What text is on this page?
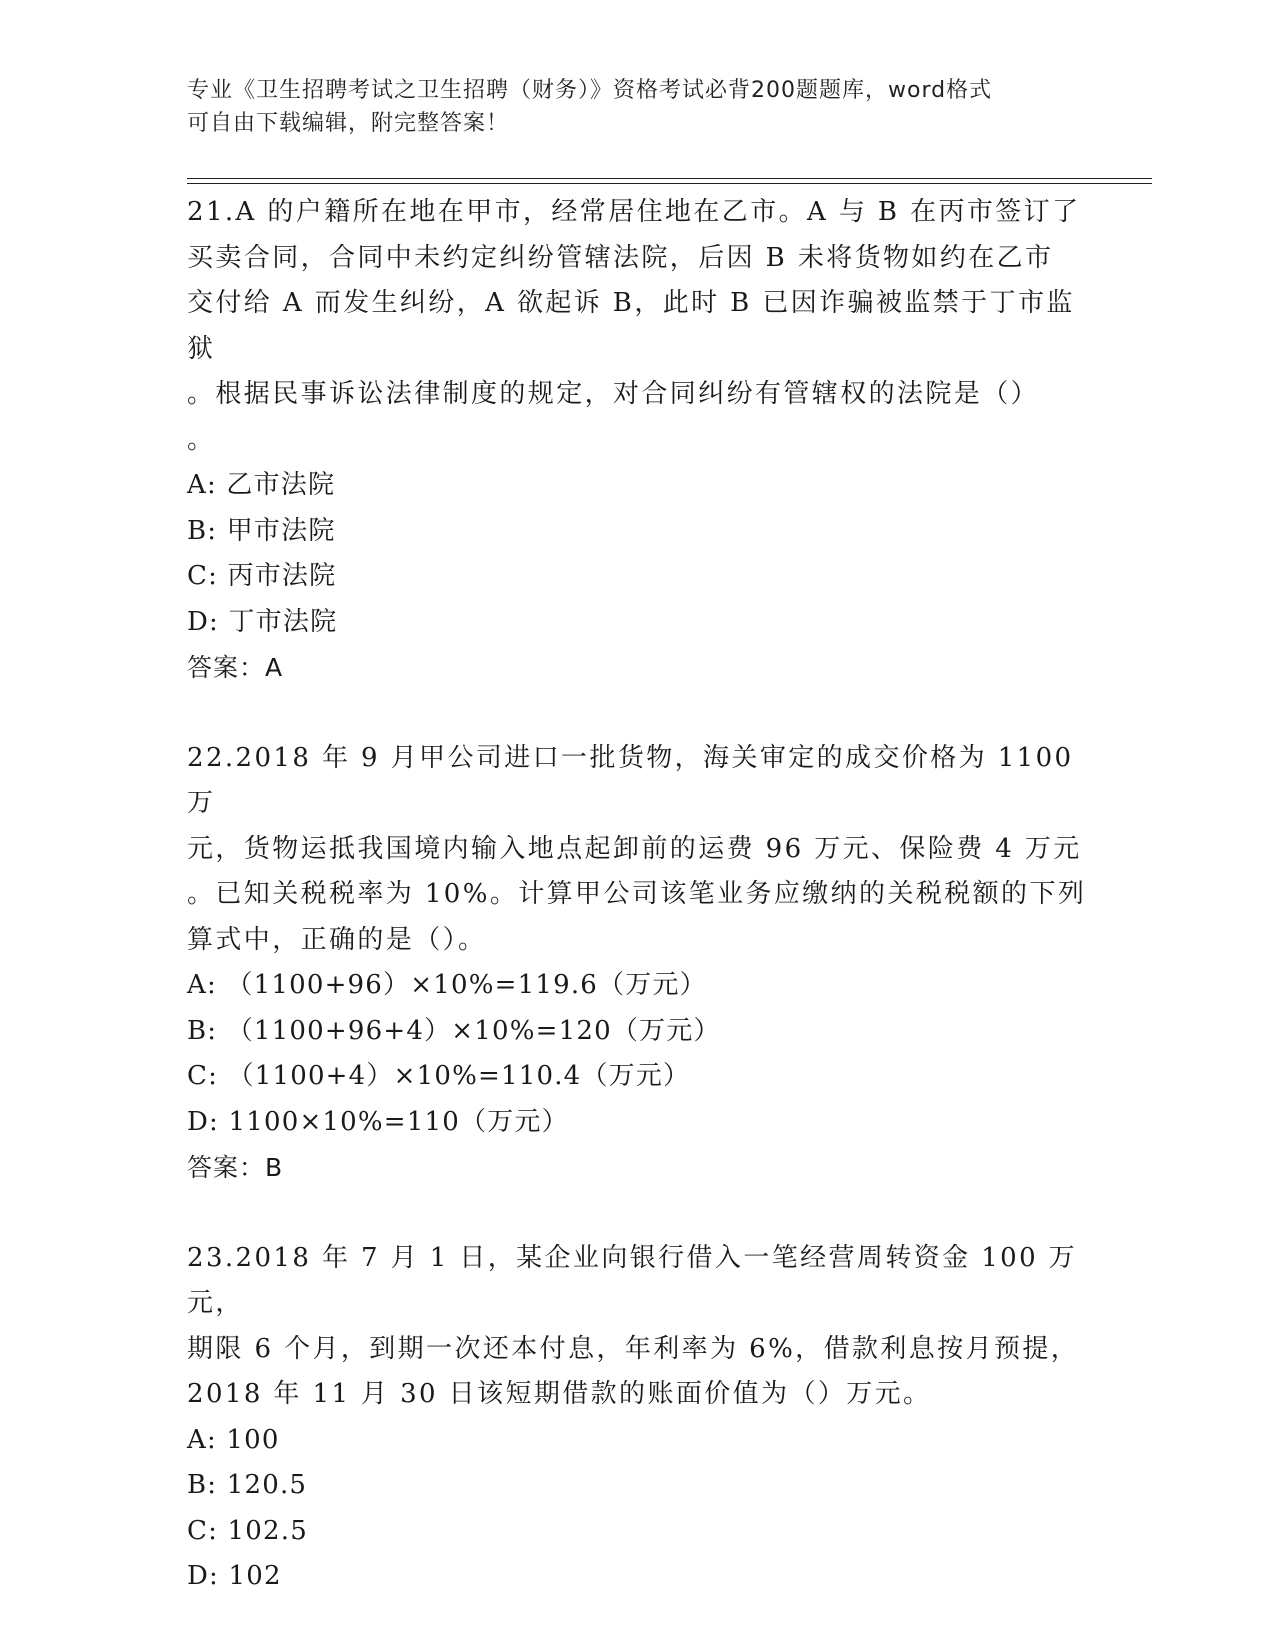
专业《卫生招聘考试之卫生招聘（财务）》资格考试必背200题题库，word格式
可自由下载编辑，附完整答案！
21.A 的户籍所在地在甲市，经常居住地在乙市。A 与 B 在丙市签订了
买卖合同，合同中未约定纠纷管辖法院，后因 B 未将货物如约在乙市
交付给 A 而发生纠纷，A 欲起诉 B，此时 B 已因诈骗被监禁于丁市监狱
。根据民事诉讼法律制度的规定，对合同纠纷有管辖权的法院是（）
。
A: 乙市法院
B: 甲市法院
C: 丙市法院
D: 丁市法院
答案：A
22.2018 年 9 月甲公司进口一批货物，海关审定的成交价格为 1100 万
元，货物运抵我国境内输入地点起卸前的运费 96 万元、保险费 4 万元
。已知关税税率为 10%。计算甲公司该笔业务应缴纳的关税税额的下列
算式中，正确的是（）。
A: （1100+96）×10%=119.6（万元）
B: （1100+96+4）×10%=120（万元）
C: （1100+4）×10%=110.4（万元）
D: 1100×10%=110（万元）
答案：B
23.2018 年 7 月 1 日，某企业向银行借入一笔经营周转资金 100 万元，
期限 6 个月，到期一次还本付息，年利率为 6%，借款利息按月预提，
2018 年 11 月 30 日该短期借款的账面价值为（）万元。
A: 100
B: 120.5
C: 102.5
D: 102
